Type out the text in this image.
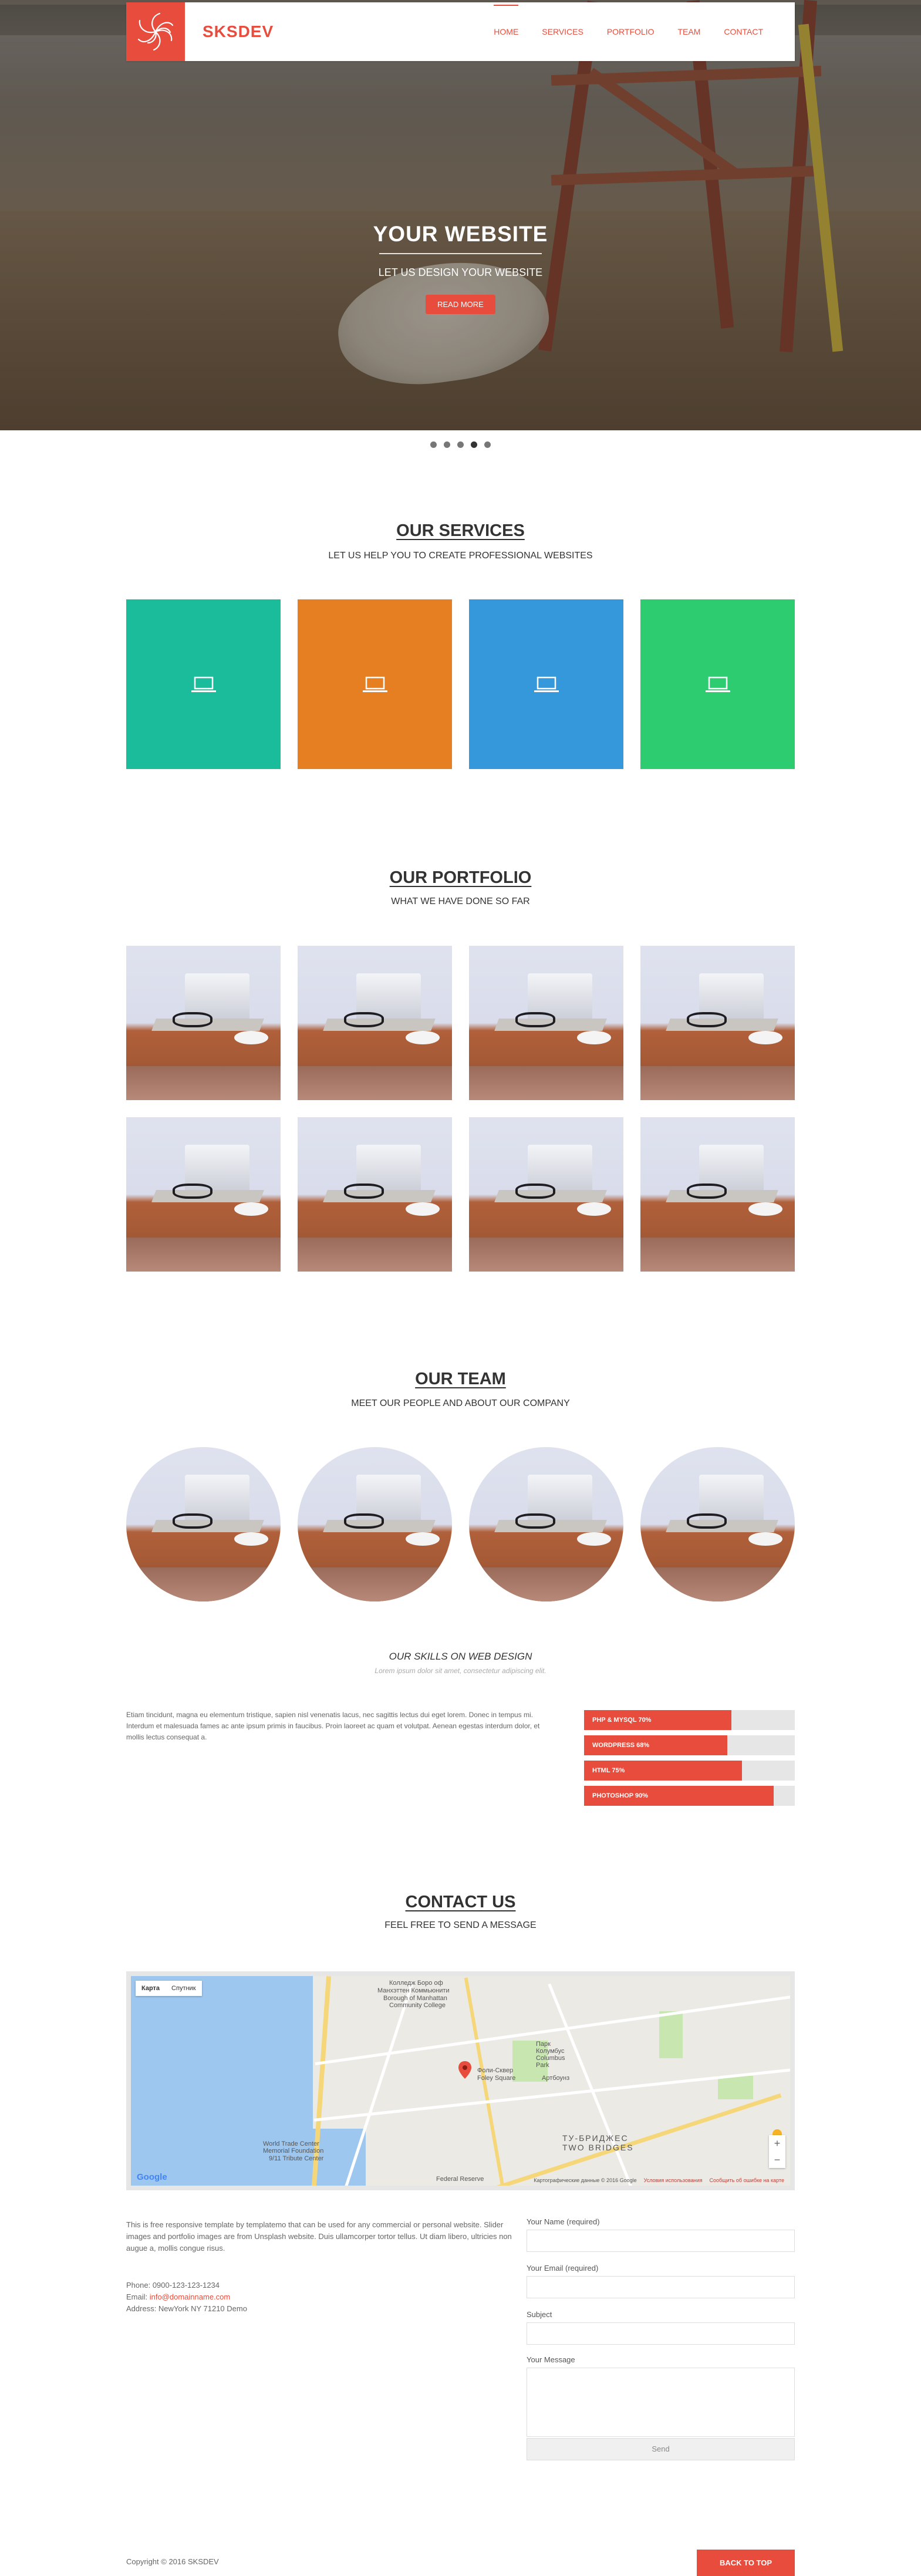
SKSDEV	HOME	SERVICES	PORTFOLIO	TEAM	CONTACT
YOUR WEBSITE
LET US DESIGN YOUR WEBSITE
READ MORE
OUR SERVICES
LET US HELP YOU TO CREATE PROFESSIONAL WEBSITES
OUR PORTFOLIO
WHAT WE HAVE DONE SO FAR
OUR TEAM
MEET OUR PEOPLE AND ABOUT OUR COMPANY
OUR SKILLS ON WEB DESIGN
Lorem ipsum dolor sit amet, consectetur adipiscing elit.
Etiam tincidunt, magna eu elementum tristique, sapien nisl venenatis lacus, nec sagittis lectus dui eget lorem. Donec in tempus mi. Interdum et malesuada fames ac ante ipsum primis in faucibus. Proin laoreet ac quam et volutpat. Aenean egestas interdum dolor, et mollis lectus consequat a.
PHP & MYSQL 70%
WORDPRESS 68%
HTML 75%
PHOTOSHOP 90%
CONTACT US
FEEL FREE TO SEND A MESSAGE
Карта	Спутник
Колледж Боро оф
Манхэттен Коммьюнити
Borough of Manhattan
Community College
Фоли-Сквер
Foley Square
Парк
Колумбус
Columbus
Park
Артбоунз
World Trade Center
Memorial Foundation
9/11 Tribute Center
ТУ-БРИДЖЕС
TWO BRIDGES
Federal Reserve
+
−
Google	Картографические данные © 2016 Google Условия использования Сообщить об ошибке на карте
This is free responsive template by templatemo that can be used for any commercial or personal website. Slider images and portfolio images are from Unsplash website. Duis ullamcorper tortor tellus. Ut diam libero, ultricies non augue a, mollis congue risus.
Phone: 0900-123-123-1234
Email: info@domainname.com
Address: NewYork NY 71210 Demo
Your Name (required)
Your Email (required)
Subject
Your Message
Send
Copyright © 2016 SKSDEV	BACK TO TOP
